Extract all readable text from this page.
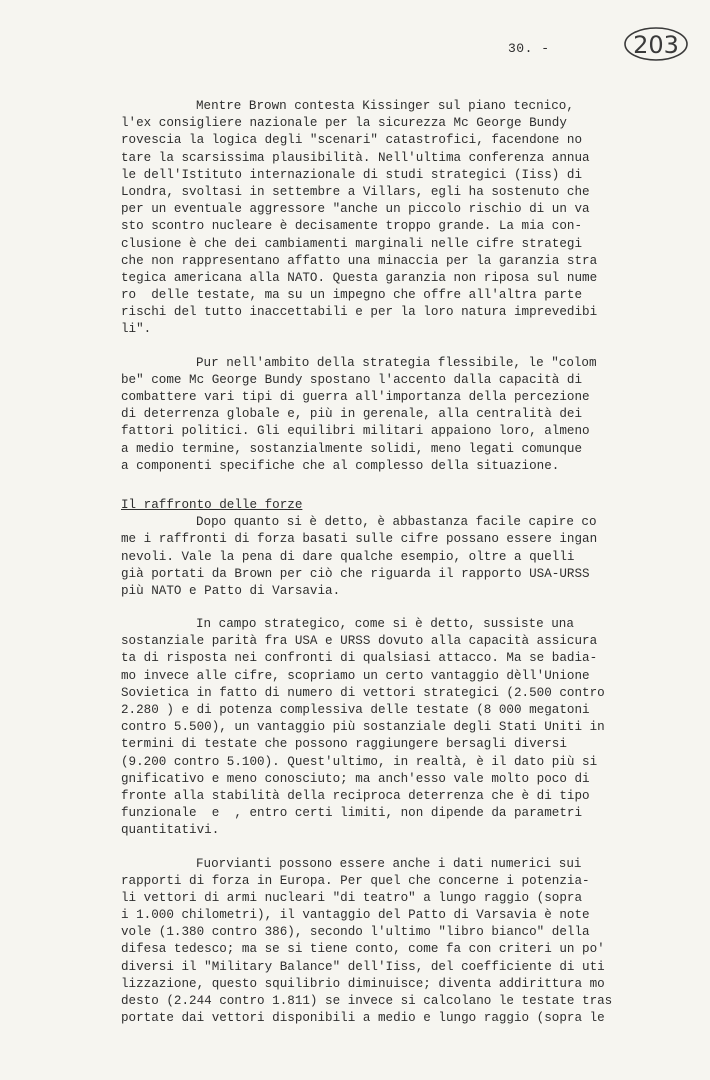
30. -	203
Mentre Brown contesta Kissinger sul piano tecnico,
l'ex consigliere nazionale per la sicurezza Mc George Bundy
rovescia la logica degli "scenari" catastrofici, facendone no
tare la scarsissima plausibilità. Nell'ultima conferenza annua
le dell'Istituto internazionale di studi strategici (Iiss) di
Londra, svoltasi in settembre a Villars, egli ha sostenuto che
per un eventuale aggressore "anche un piccolo rischio di un va
sto scontro nucleare è decisamente troppo grande. La mia con-
clusione è che dei cambiamenti marginali nelle cifre strategi
che non rappresentano affatto una minaccia per la garanzia stra
tegica americana alla NATO. Questa garanzia non riposa sul nume
ro  delle testate, ma su un impegno che offre all'altra parte
rischi del tutto inaccettabili e per la loro natura imprevedibi
li".
Pur nell'ambito della strategia flessibile, le "colom
be" come Mc George Bundy spostano l'accento dalla capacità di
combattere vari tipi di guerra all'importanza della percezione
di deterrenza globale e, più in gerenale, alla centralità dei
fattori politici. Gli equilibri militari appaiono loro, almeno
a medio termine, sostanzialmente solidi, meno legati comunque
a componenti specifiche che al complesso della situazione.
Il raffronto delle forze
Dopo quanto si è detto, è abbastanza facile capire co
me i raffronti di forza basati sulle cifre possano essere ingan
nevoli. Vale la pena di dare qualche esempio, oltre a quelli
già portati da Brown per ciò che riguarda il rapporto USA-URSS
più NATO e Patto di Varsavia.
In campo strategico, come si è detto, sussiste una
sostanziale parità fra USA e URSS dovuto alla capacità assicura
ta di risposta nei confronti di qualsiasi attacco. Ma se badia-
mo invece alle cifre, scopriamo un certo vantaggio dèll'Unione
Sovietica in fatto di numero di vettori strategici (2.500 contro
2.280 ) e di potenza complessiva delle testate (8 000 megatoni
contro 5.500), un vantaggio più sostanziale degli Stati Uniti in
termini di testate che possono raggiungere bersagli diversi
(9.200 contro 5.100). Quest'ultimo, in realtà, è il dato più si
gnificativo e meno conosciuto; ma anch'esso vale molto poco di
fronte alla stabilità della reciproca deterrenza che è di tipo
funzionale  e  , entro certi limiti, non dipende da parametri
quantitativi.
Fuorvianti possono essere anche i dati numerici sui
rapporti di forza in Europa. Per quel che concerne i potenzia-
li vettori di armi nucleari "di teatro" a lungo raggio (sopra
i 1.000 chilometri), il vantaggio del Patto di Varsavia è note
vole (1.380 contro 386), secondo l'ultimo "libro bianco" della
difesa tedesco; ma se si tiene conto, come fa con criteri un po'
diversi il "Military Balance" dell'Iiss, del coefficiente di uti
lizzazione, questo squilibrio diminuisce; diventa addirittura mo
desto (2.244 contro 1.811) se invece si calcolano le testate tras
portate dai vettori disponibili a medio e lungo raggio (sopra le
